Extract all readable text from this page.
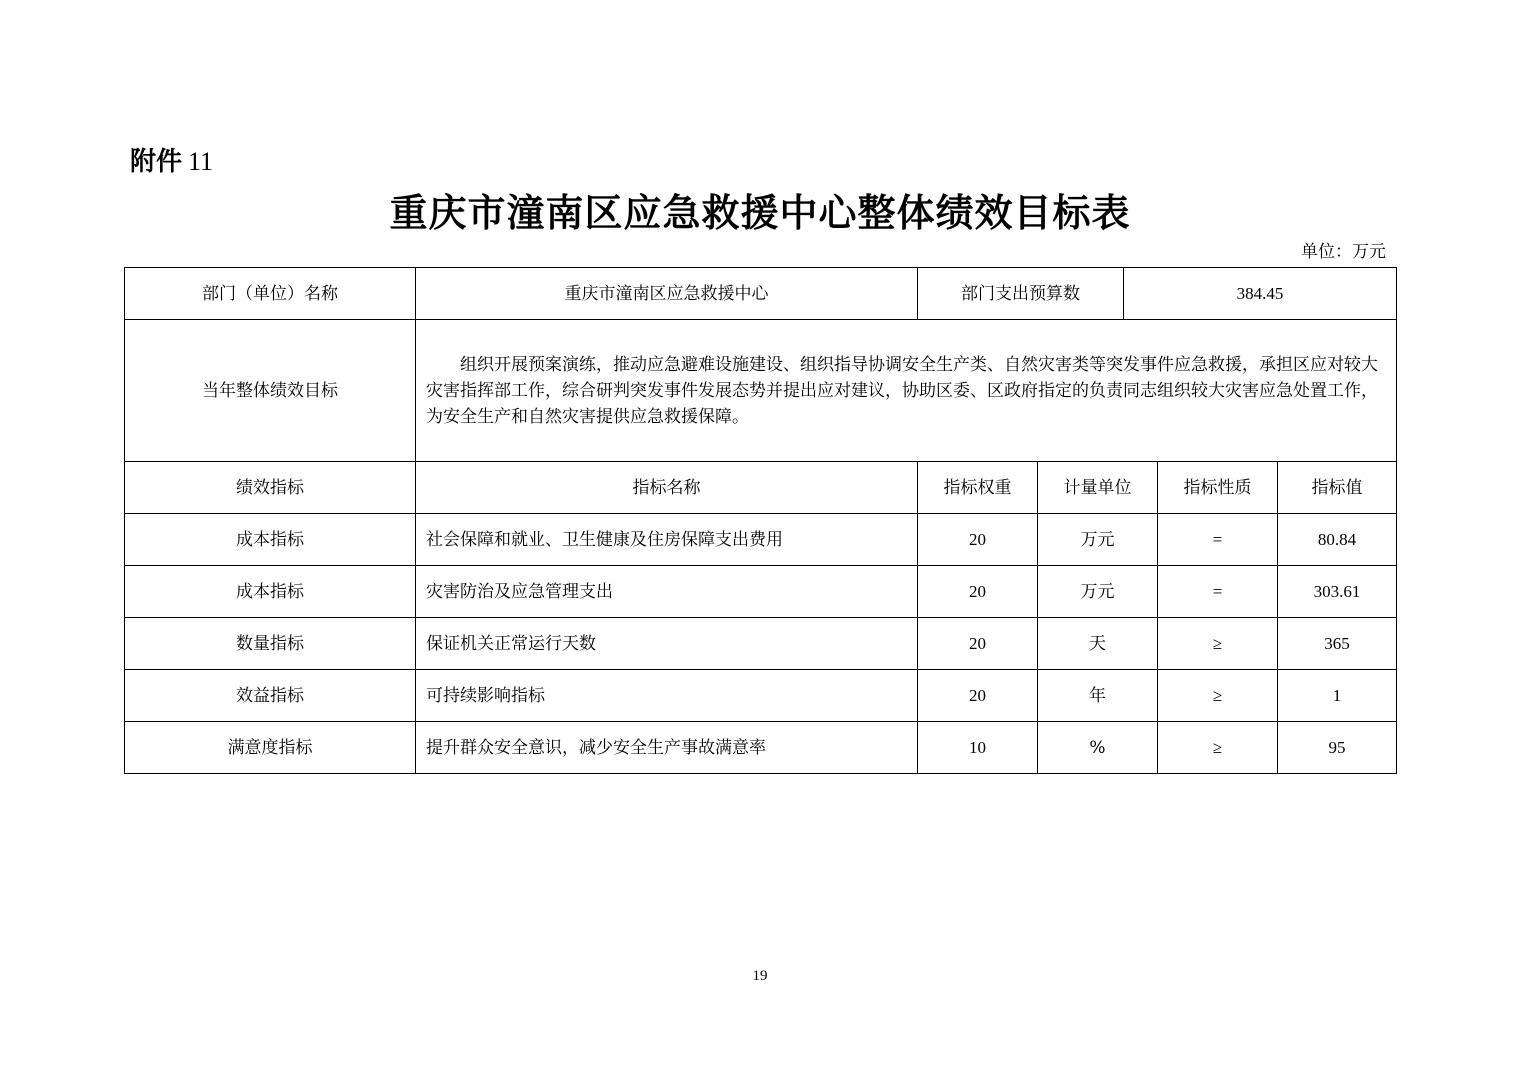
附件 11
重庆市潼南区应急救援中心整体绩效目标表
单位：万元
部门（单位）名称	重庆市潼南区应急救援中心	部门支出预算数		384.45		
当年整体绩效目标	组织开展预案演练，推动应急避难设施建设、组织指导协调安全生产类、自然灾害类等突发事件应急救援，承担区应对较大灾害指挥部工作，综合研判突发事件发展态势并提出应对建议，协助区委、区政府指定的负责同志组织较大灾害应急处置工作，为安全生产和自然灾害提供应急救援保障。					
绩效指标	指标名称	指标权重	计量单位		指标性质	指标值
成本指标	社会保障和就业、卫生健康及住房保障支出费用	20	万元		=	80.84
成本指标	灾害防治及应急管理支出	20	万元		=	303.61
数量指标	保证机关正常运行天数	20	天		≥	365
效益指标	可持续影响指标	20	年		≥	1
满意度指标	提升群众安全意识，减少安全生产事故满意率	10	%		≥	95
19
